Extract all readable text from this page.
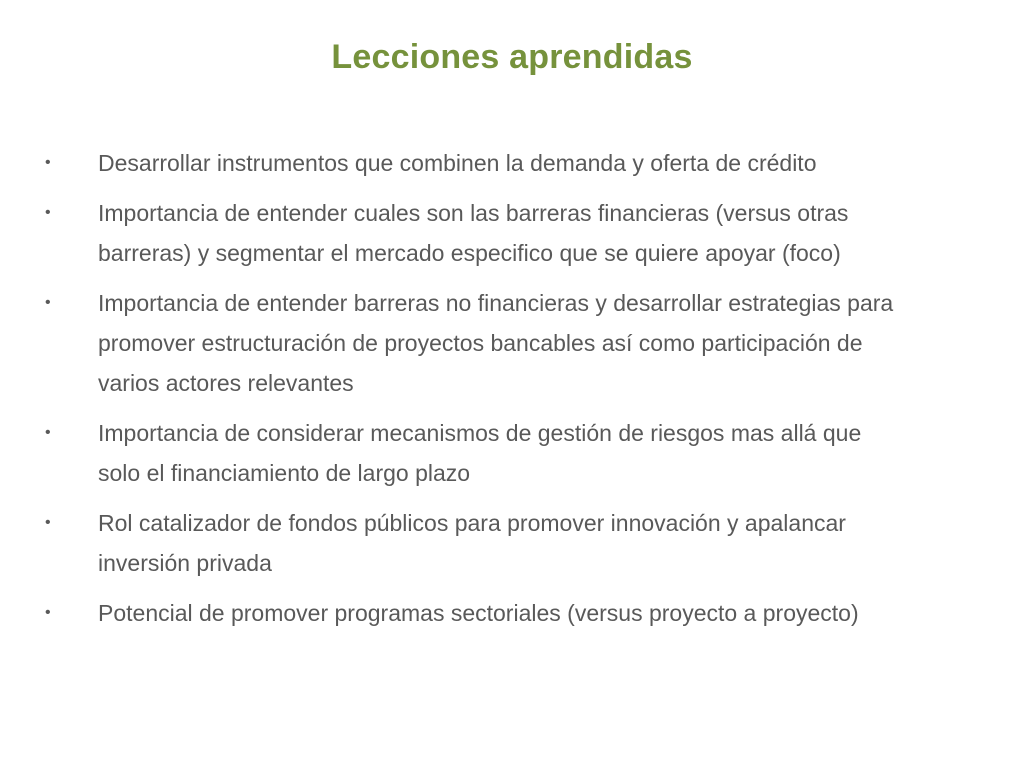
Lecciones aprendidas
• Desarrollar instrumentos que combinen la demanda y oferta de crédito
• Importancia de entender cuales son las barreras financieras (versus otras
barreras) y segmentar el mercado especifico que se quiere apoyar (foco)
• Importancia de entender barreras no financieras y desarrollar estrategias para
promover estructuración de proyectos bancables así como participación de
varios actores relevantes
• Importancia de considerar mecanismos de gestión de riesgos mas allá que
solo el financiamiento de largo plazo
• Rol catalizador de fondos públicos para promover innovación y apalancar
inversión privada
• Potencial de promover programas sectoriales (versus proyecto a proyecto)
